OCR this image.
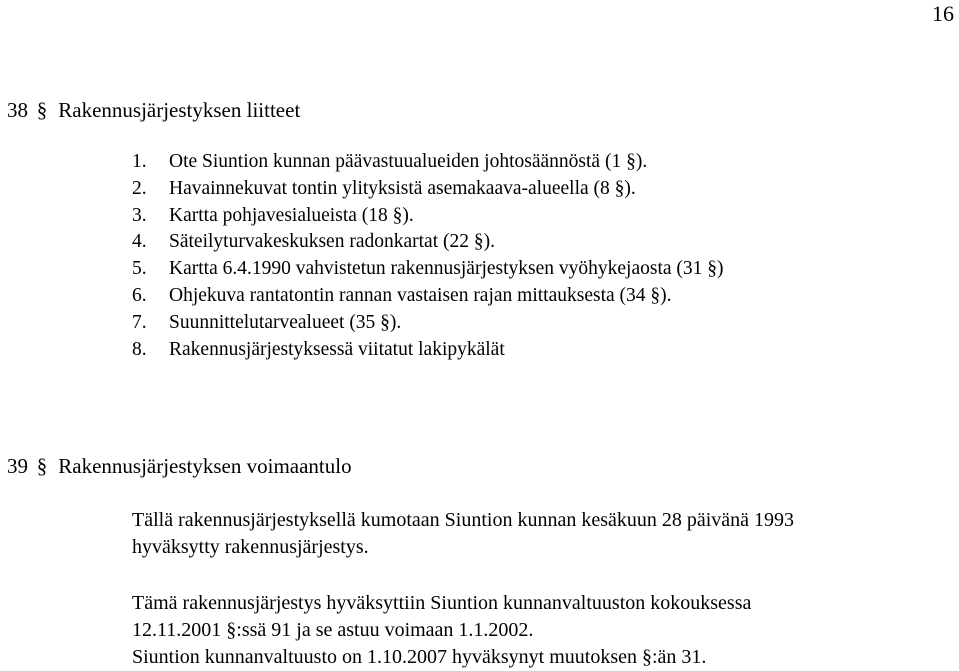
16
38 § Rakennusjärjestyksen liitteet
1. Ote Siuntion kunnan päävastuualueiden johtosäännöstä (1 §).
2. Havainnekuvat tontin ylityksistä asemakaava-alueella (8 §).
3. Kartta pohjavesialueista (18 §).
4. Säteilyturvakeskuksen radonkartat (22 §).
5. Kartta 6.4.1990 vahvistetun rakennusjärjestyksen vyöhykejaosta (31 §)
6. Ohjekuva rantatontin rannan vastaisen rajan mittauksesta (34 §).
7. Suunnittelutarvealueet (35 §).
8. Rakennusjärjestyksessä viitatut lakipykälät
39 § Rakennusjärjestyksen voimaantulo

Tällä rakennusjärjestyksellä kumotaan Siuntion kunnan kesäkuun 28 päivänä 1993
hyväksytty rakennusjärjestys.

Tämä rakennusjärjestys hyväksyttiin Siuntion kunnanvaltuuston kokouksessa
12.11.2001 §:ssä 91 ja se astuu voimaan 1.1.2002.
Siuntion kunnanvaltuusto on 1.10.2007 hyväksynyt muutoksen §:än 31.
